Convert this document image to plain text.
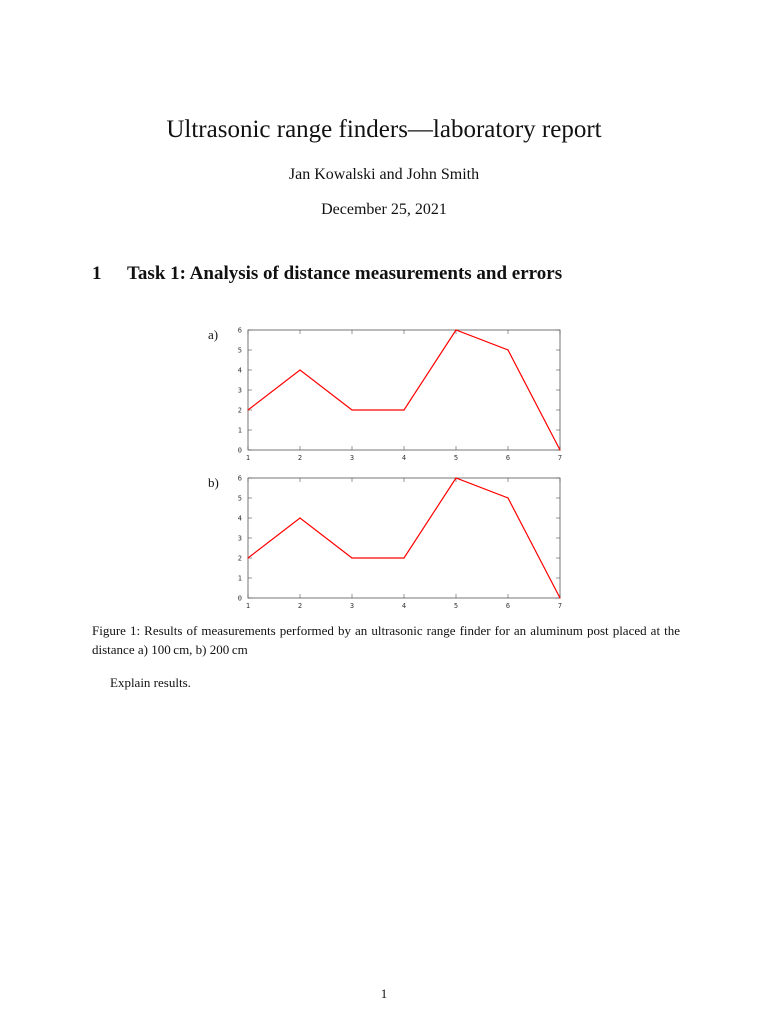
Ultrasonic range finders—laboratory report
Jan Kowalski and John Smith
December 25, 2021
1 Task 1: Analysis of distance measurements and errors
a)
0
1
2
3
4
5
6
1	2	3	4	5	6	7
b)
0
1
2
3
4
5
6
1	2	3	4	5	6	7
Figure 1: Results of measurements performed by an ultrasonic range finder for an aluminum post placed at the distance a) 100 cm, b) 200 cm
Explain results.
1
